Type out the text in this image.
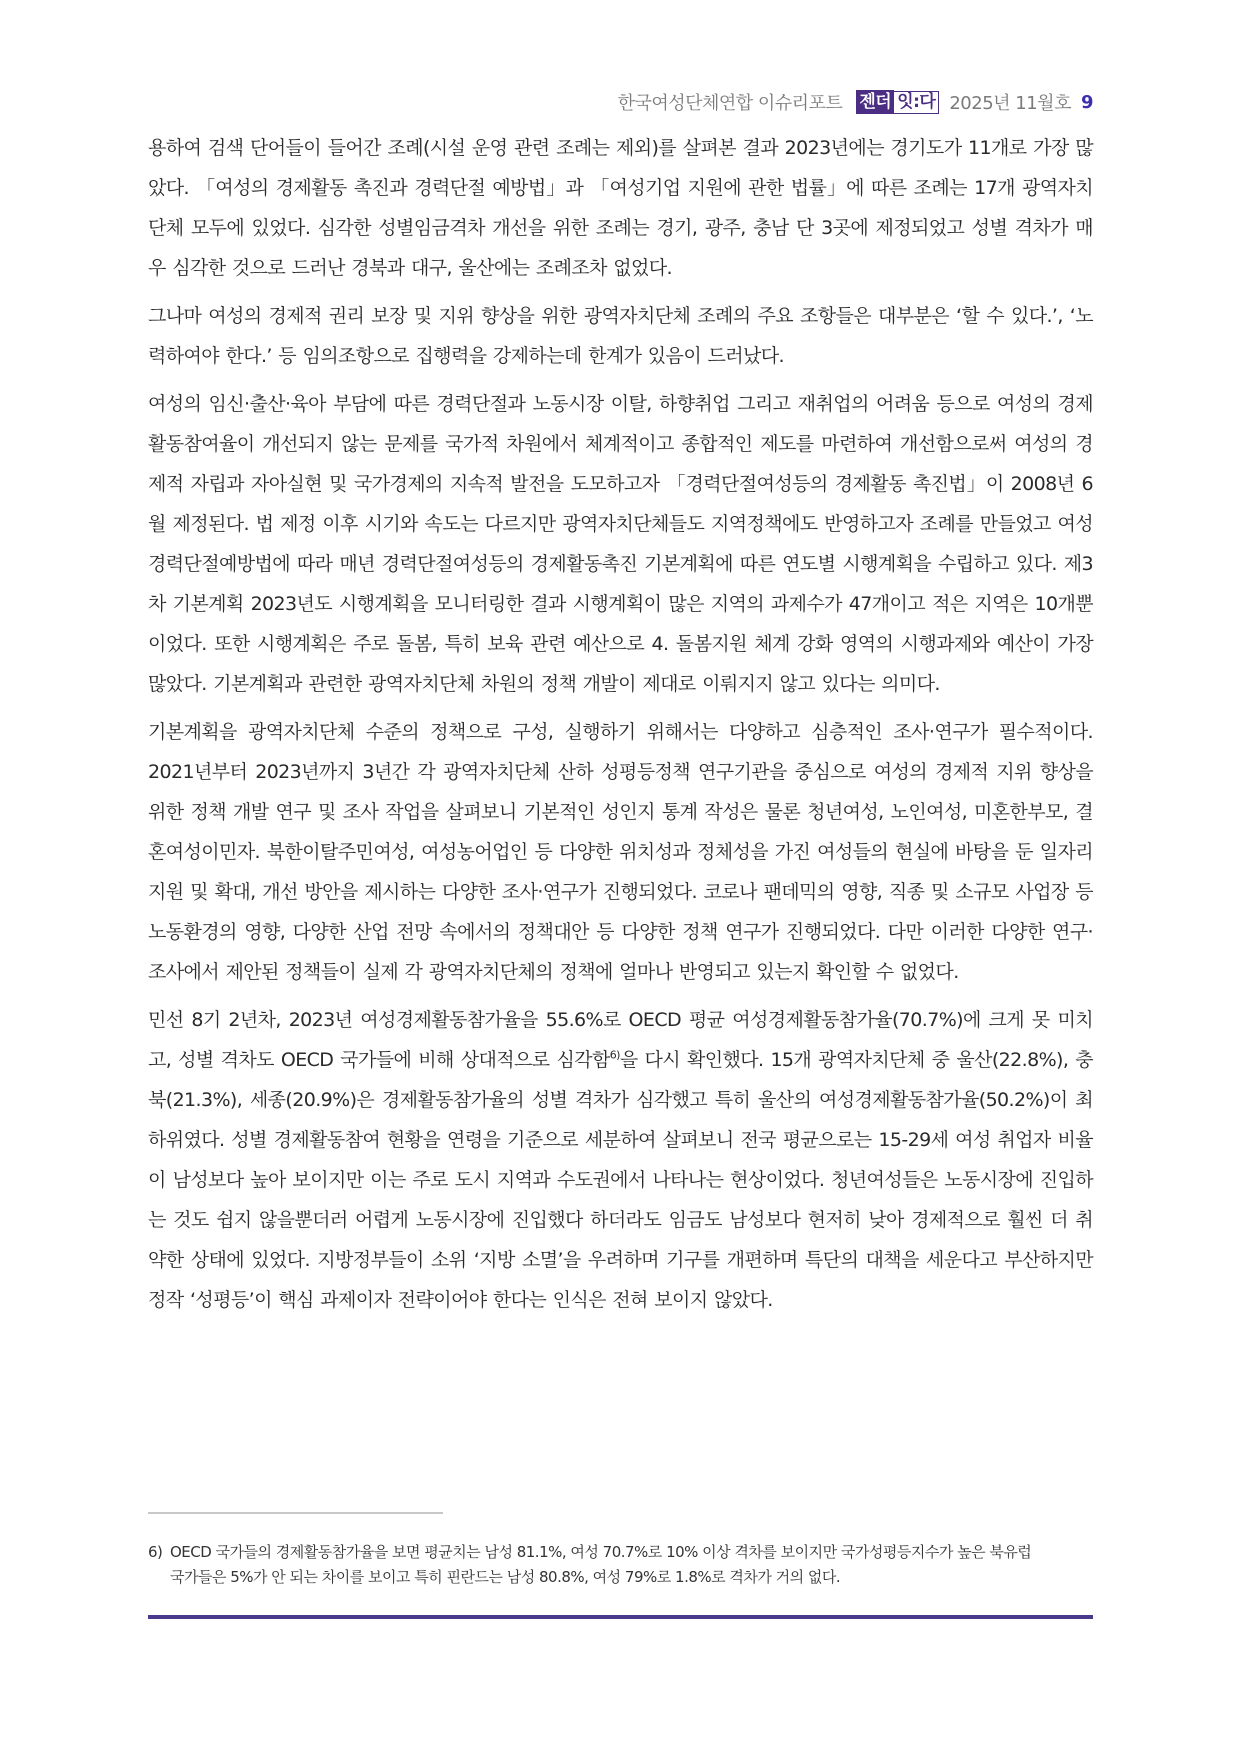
한국여성단체연합 이슈리포트 젠더 잇:다 2025년 11월호 9

용하여 검색 단어들이 들어간 조례(시설 운영 관련 조례는 제외)를 살펴본 결과 2023년에는 경기도가 11개로 가장 많았다. 「여성의 경제활동 촉진과 경력단절 예방법」과 「여성기업 지원에 관한 법률」에 따른 조례는 17개 광역자치단체 모두에 있었다. 심각한 성별임금격차 개선을 위한 조례는 경기, 광주, 충남 단 3곳에 제정되었고 성별 격차가 매우 심각한 것으로 드러난 경북과 대구, 울산에는 조례조차 없었다.

그나마 여성의 경제적 권리 보장 및 지위 향상을 위한 광역자치단체 조례의 주요 조항들은 대부분은 ‘할 수 있다.’, ‘노력하여야 한다.’ 등 임의조항으로 집행력을 강제하는데 한계가 있음이 드러났다.

여성의 임신·출산·육아 부담에 따른 경력단절과 노동시장 이탈, 하향취업 그리고 재취업의 어려움 등으로 여성의 경제활동참여율이 개선되지 않는 문제를 국가적 차원에서 체계적이고 종합적인 제도를 마련하여 개선함으로써 여성의 경제적 자립과 자아실현 및 국가경제의 지속적 발전을 도모하고자 「경력단절여성등의 경제활동 촉진법」이 2008년 6월 제정된다. 법 제정 이후 시기와 속도는 다르지만 광역자치단체들도 지역정책에도 반영하고자 조례를 만들었고 여성경력단절예방법에 따라 매년 경력단절여성등의 경제활동촉진 기본계획에 따른 연도별 시행계획을 수립하고 있다. 제3차 기본계획 2023년도 시행계획을 모니터링한 결과 시행계획이 많은 지역의 과제수가 47개이고 적은 지역은 10개뿐이었다. 또한 시행계획은 주로 돌봄, 특히 보육 관련 예산으로 4. 돌봄지원 체계 강화 영역의 시행과제와 예산이 가장 많았다. 기본계획과 관련한 광역자치단체 차원의 정책 개발이 제대로 이뤄지지 않고 있다는 의미다.

기본계획을 광역자치단체 수준의 정책으로 구성, 실행하기 위해서는 다양하고 심층적인 조사·연구가 필수적이다. 2021년부터 2023년까지 3년간 각 광역자치단체 산하 성평등정책 연구기관을 중심으로 여성의 경제적 지위 향상을 위한 정책 개발 연구 및 조사 작업을 살펴보니 기본적인 성인지 통계 작성은 물론 청년여성, 노인여성, 미혼한부모, 결혼여성이민자. 북한이탈주민여성, 여성농어업인 등 다양한 위치성과 정체성을 가진 여성들의 현실에 바탕을 둔 일자리 지원 및 확대, 개선 방안을 제시하는 다양한 조사·연구가 진행되었다. 코로나 팬데믹의 영향, 직종 및 소규모 사업장 등 노동환경의 영향, 다양한 산업 전망 속에서의 정책대안 등 다양한 정책 연구가 진행되었다. 다만 이러한 다양한 연구·조사에서 제안된 정책들이 실제 각 광역자치단체의 정책에 얼마나 반영되고 있는지 확인할 수 없었다.

민선 8기 2년차, 2023년 여성경제활동참가율을 55.6%로 OECD 평균 여성경제활동참가율(70.7%)에 크게 못 미치고, 성별 격차도 OECD 국가들에 비해 상대적으로 심각함$^{6)}$을 다시 확인했다. 15개 광역자치단체 중 울산(22.8%), 충북(21.3%), 세종(20.9%)은 경제활동참가율의 성별 격차가 심각했고 특히 울산의 여성경제활동참가율(50.2%)이 최하위였다. 성별 경제활동참여 현황을 연령을 기준으로 세분하여 살펴보니 전국 평균으로는 15-29세 여성 취업자 비율이 남성보다 높아 보이지만 이는 주로 도시 지역과 수도권에서 나타나는 현상이었다. 청년여성들은 노동시장에 진입하는 것도 쉽지 않을뿐더러 어렵게 노동시장에 진입했다 하더라도 임금도 남성보다 현저히 낮아 경제적으로 훨씬 더 취약한 상태에 있었다. 지방정부들이 소위 ‘지방 소멸’을 우려하며 기구를 개편하며 특단의 대책을 세운다고 부산하지만 정작 ‘성평등’이 핵심 과제이자 전략이어야 한다는 인식은 전혀 보이지 않았다.

6) OECD 국가들의 경제활동참가율을 보면 평균치는 남성 81.1%, 여성 70.7%로 10% 이상 격차를 보이지만 국가성평등지수가 높은 북유럽
국가들은 5%가 안 되는 차이를 보이고 특히 핀란드는 남성 80.8%, 여성 79%로 1.8%로 격차가 거의 없다.
